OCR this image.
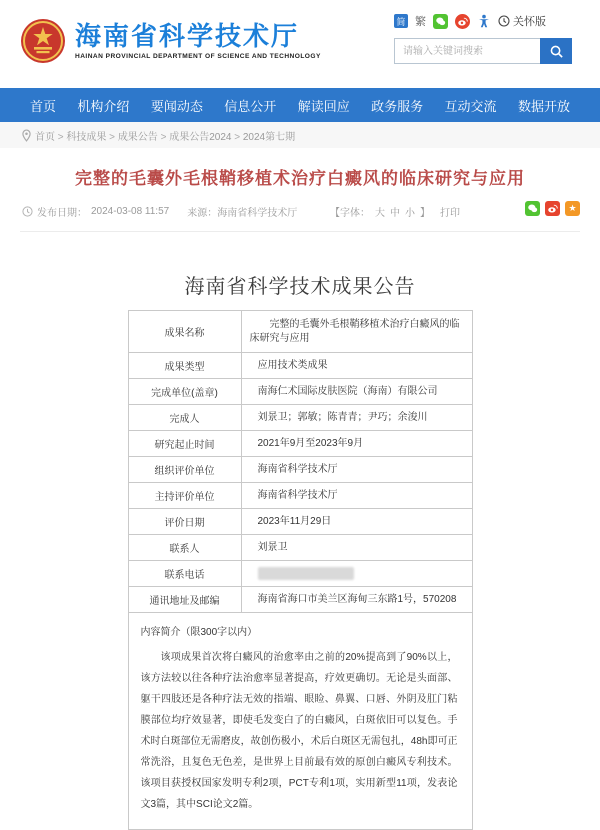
海南省科学技术厅
HAINAN PROVINCIAL DEPARTMENT OF SCIENCE AND TECHNOLOGY
简 繁	关怀版
请输入关键词搜索
首页 机构介绍 要闻动态 信息公开 解读回应 政务服务 互动交流 数据开放
首页 > 科技成果 > 成果公告 > 成果公告2024 > 2024第七期
完整的毛囊外毛根鞘移植术治疗白癜风的临床研究与应用
发布日期： 2024-03-08 11:57 来源：海南省科学技术厅	【字体： 大 中 小 】 打印	★
海南省科学技术成果公告
成果名称	完整的毛囊外毛根鞘移植术治疗白癜风的临床研究与应用
成果类型	应用技术类成果
完成单位(盖章)	南海仁术国际皮肤医院（海南）有限公司
完成人	刘景卫；郭敏；陈青青；尹巧；余浚川
研究起止时间	2021年9月至2023年9月
组织评价单位	海南省科学技术厅
主持评价单位	海南省科学技术厅
评价日期	2023年11月29日
联系人	刘景卫
联系电话	

通讯地址及邮编	海南省海口市美兰区海甸三东路1号，570208

内容简介（限300字以内）

该项成果首次将白癜风的治愈率由之前的20%提高到了90%以上，该方法较以往各种疗法治愈率显著提高，疗效更确切。无论是头面部、躯干四肢还是各种疗法无效的指端、眼睑、鼻翼、口唇、外阴及肛门粘膜部位均疗效显著，即使毛发变白了的白癜风，白斑依旧可以复色。手术时白斑部位无需磨皮，故创伤极小，术后白斑区无需包扎，48h即可正常洗浴，且复色无色差，是世界上目前最有效的原创白癜风专利技术。该项目获授权国家发明专利2项，PCT专利1项，实用新型11项，发表论文3篇，其中SCI论文2篇。	
